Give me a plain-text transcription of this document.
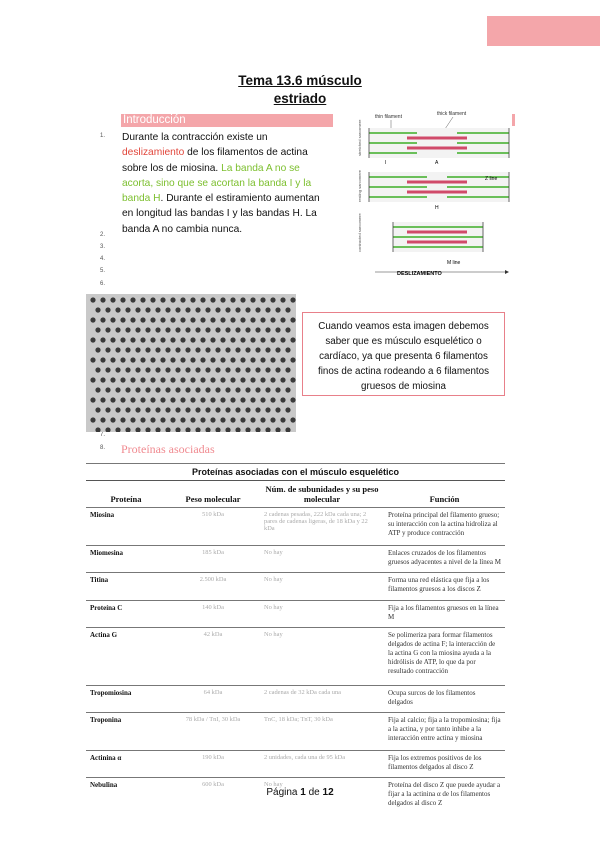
Tema 13.6 músculo
estriado
Introducción
1.
2.
3.
4.
5.
6.
7.
8.
Durante la contracción existe un deslizamiento de los filamentos de actina sobre los de miosina. La banda A no se acorta, sino que se acortan la banda I y la banda H. Durante el estiramiento aumentan en longitud las bandas I y las bandas H. La banda A no cambia nunca.
thin filament	thick filament
stretched sarcomere
I	A
resting sarcomere
H
Z line
contracted sarcomere
M line
DESLIZAMIENTO
Cuando veamos esta imagen debemos saber que es músculo esquelético o cardíaco, ya que presenta 6 filamentos finos de actina rodeando a 6 filamentos gruesos de miosina
Proteínas asociadas
Proteínas asociadas con el músculo esquelético			
Proteína	Peso molecular	Núm. de subunidades y su peso molecular	Función
Miosina	510 kDa	2 cadenas pesadas, 222 kDa cada una; 2 pares de cadenas ligeras, de 18 kDa y 22 kDa	Proteína principal del filamento grueso; su interacción con la actina hidroliza al ATP y produce contracción
Miomesina	185 kDa	No hay	Enlaces cruzados de los filamentos gruesos adyacentes a nivel de la línea M
Titina	2.500 kDa	No hay	Forma una red elástica que fija a los filamentos gruesos a los discos Z
Proteína C	140 kDa	No hay	Fija a los filamentos gruesos en la línea M
Actina G	42 kDa	No hay	Se polimeriza para formar filamentos delgados de actina F; la interacción de la actina G con la miosina ayuda a la hidrólisis de ATP, lo que da por resultado contracción
Tropomiosina	64 kDa	2 cadenas de 32 kDa cada una	Ocupa surcos de los filamentos delgados
Troponina	78 kDa / TnI, 30 kDa	TnC, 18 kDa; TnT, 30 kDa	Fija al calcio; fija a la tropomiosina; fija a la actina, y por tanto inhibe a la interacción entre actina y miosina
Actinina α	190 kDa	2 unidades, cada una de 95 kDa	Fija los extremos positivos de los filamentos delgados al disco Z
Nebulina	600 kDa	No hay	Proteína del disco Z que puede ayudar a fijar a la actinina α de los filamentos delgados al disco Z
Página 1 de 12
